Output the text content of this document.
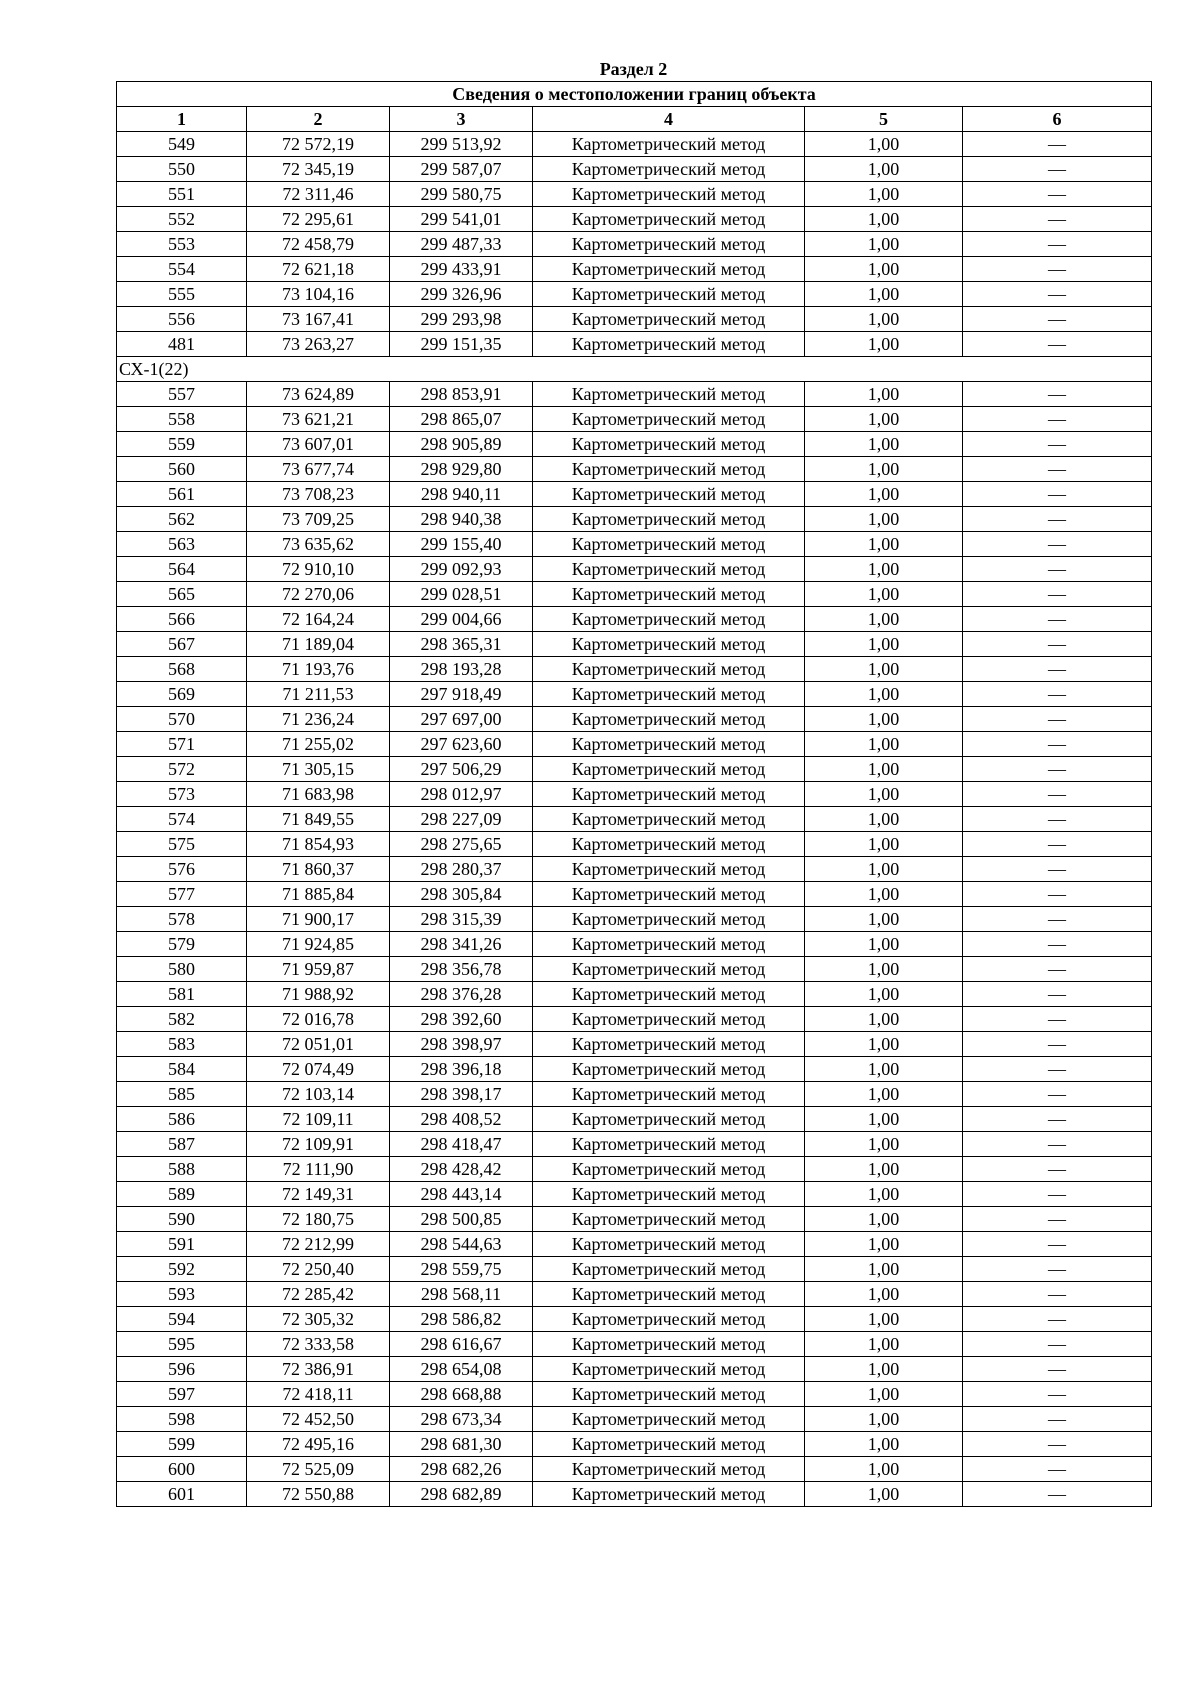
Раздел 2
Сведения о местоположении границ объекта					
1	2	3	4	5	6
549	72 572,19	299 513,92	Картометрический метод	1,00	—
550	72 345,19	299 587,07	Картометрический метод	1,00	—
551	72 311,46	299 580,75	Картометрический метод	1,00	—
552	72 295,61	299 541,01	Картометрический метод	1,00	—
553	72 458,79	299 487,33	Картометрический метод	1,00	—
554	72 621,18	299 433,91	Картометрический метод	1,00	—
555	73 104,16	299 326,96	Картометрический метод	1,00	—
556	73 167,41	299 293,98	Картометрический метод	1,00	—
481	73 263,27	299 151,35	Картометрический метод	1,00	—
СХ-1(22)					
557	73 624,89	298 853,91	Картометрический метод	1,00	—
558	73 621,21	298 865,07	Картометрический метод	1,00	—
559	73 607,01	298 905,89	Картометрический метод	1,00	—
560	73 677,74	298 929,80	Картометрический метод	1,00	—
561	73 708,23	298 940,11	Картометрический метод	1,00	—
562	73 709,25	298 940,38	Картометрический метод	1,00	—
563	73 635,62	299 155,40	Картометрический метод	1,00	—
564	72 910,10	299 092,93	Картометрический метод	1,00	—
565	72 270,06	299 028,51	Картометрический метод	1,00	—
566	72 164,24	299 004,66	Картометрический метод	1,00	—
567	71 189,04	298 365,31	Картометрический метод	1,00	—
568	71 193,76	298 193,28	Картометрический метод	1,00	—
569	71 211,53	297 918,49	Картометрический метод	1,00	—
570	71 236,24	297 697,00	Картометрический метод	1,00	—
571	71 255,02	297 623,60	Картометрический метод	1,00	—
572	71 305,15	297 506,29	Картометрический метод	1,00	—
573	71 683,98	298 012,97	Картометрический метод	1,00	—
574	71 849,55	298 227,09	Картометрический метод	1,00	—
575	71 854,93	298 275,65	Картометрический метод	1,00	—
576	71 860,37	298 280,37	Картометрический метод	1,00	—
577	71 885,84	298 305,84	Картометрический метод	1,00	—
578	71 900,17	298 315,39	Картометрический метод	1,00	—
579	71 924,85	298 341,26	Картометрический метод	1,00	—
580	71 959,87	298 356,78	Картометрический метод	1,00	—
581	71 988,92	298 376,28	Картометрический метод	1,00	—
582	72 016,78	298 392,60	Картометрический метод	1,00	—
583	72 051,01	298 398,97	Картометрический метод	1,00	—
584	72 074,49	298 396,18	Картометрический метод	1,00	—
585	72 103,14	298 398,17	Картометрический метод	1,00	—
586	72 109,11	298 408,52	Картометрический метод	1,00	—
587	72 109,91	298 418,47	Картометрический метод	1,00	—
588	72 111,90	298 428,42	Картометрический метод	1,00	—
589	72 149,31	298 443,14	Картометрический метод	1,00	—
590	72 180,75	298 500,85	Картометрический метод	1,00	—
591	72 212,99	298 544,63	Картометрический метод	1,00	—
592	72 250,40	298 559,75	Картометрический метод	1,00	—
593	72 285,42	298 568,11	Картометрический метод	1,00	—
594	72 305,32	298 586,82	Картометрический метод	1,00	—
595	72 333,58	298 616,67	Картометрический метод	1,00	—
596	72 386,91	298 654,08	Картометрический метод	1,00	—
597	72 418,11	298 668,88	Картометрический метод	1,00	—
598	72 452,50	298 673,34	Картометрический метод	1,00	—
599	72 495,16	298 681,30	Картометрический метод	1,00	—
600	72 525,09	298 682,26	Картометрический метод	1,00	—
601	72 550,88	298 682,89	Картометрический метод	1,00	—
